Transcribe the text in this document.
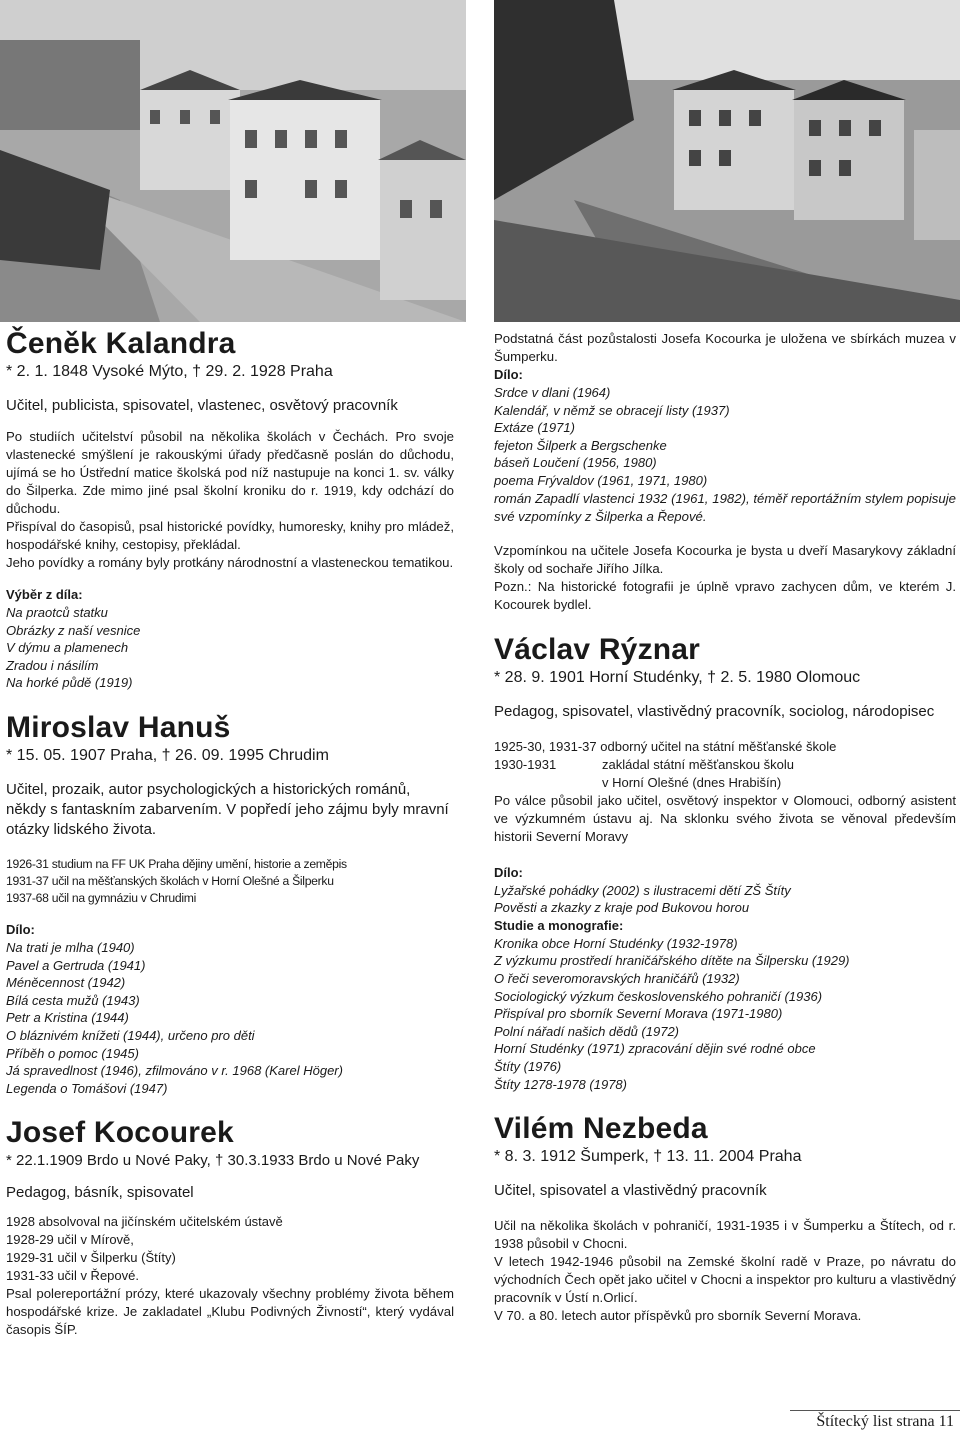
Čeněk Kalandra
* 2. 1. 1848 Vysoké Mýto, † 29. 2. 1928 Praha
Učitel, publicista, spisovatel, vlastenec, osvětový pracovník

Po studiích učitelství působil na několika školách v Čechách. Pro svoje vlastenecké smýšlení je rakouskými úřady předčasně poslán do důchodu, ujímá se ho Ústřední matice školská pod níž nastupuje na konci 1. sv. války do Šilperka. Zde mimo jiné psal školní kroniku do r. 1919, kdy odchází do důchodu.

Přispíval do časopisů, psal historické povídky, humoresky, knihy pro mládež, hospodářské knihy, cestopisy, překládal.

Jeho povídky a romány byly protkány národnostní a vlasteneckou tematikou.

Výběr z díla:
Na praotců statku
Obrázky z naší vesnice
V dýmu a plamenech
Zradou i násilím
Na horké půdě (1919)
Miroslav Hanuš
* 15. 05. 1907 Praha, † 26. 09. 1995 Chrudim
Učitel, prozaik, autor psychologických a historických románů, někdy s fantaskním zabarvením. V popředí jeho zájmu byly mravní otázky lidského života.
1926-31 studium na FF UK Praha dějiny umění, historie a zeměpis
1931-37 učil na měšťanských školách v Horní Olešné a Šilperku
1937-68 učil na gymnáziu v Chrudimi
Dílo:
Na trati je mlha (1940)
Pavel a Gertruda (1941)
Méněcennost (1942)
Bílá cesta mužů (1943)
Petr a Kristina (1944)
O bláznivém knížeti (1944), určeno pro děti
Příběh o pomoc (1945)
Já spravedlnost (1946), zfilmováno v r. 1968 (Karel Höger)
Legenda o Tomášovi (1947)
Josef Kocourek
* 22.1.1909 Brdo u Nové Paky, † 30.3.1933 Brdo u Nové Paky
Pedagog, básník, spisovatel
1928 absolvoval na jičínském učitelském ústavě
1928-29 učil v Mírově,
1929-31 učil v Šilperku (Štíty)
1931-33 učil v Řepové.

Psal polereportážní prózy, které ukazovaly všechny problémy života během hospodářské krize. Je zakladatel „Klubu Podivných Živností“, který vydával časopis ŠÍP.

Podstatná část pozůstalosti Josefa Kocourka je uložena ve sbírkách muzea v Šumperku.

Dílo:
Srdce v dlani (1964)
Kalendář, v němž se obracejí listy (1937)
Extáze (1971)
fejeton Šilperk a Bergschenke
báseň Loučení (1956, 1980)
poema Frývaldov (1961, 1971, 1980)

román Zapadlí vlastenci 1932 (1961, 1982), téměř reportážním stylem popisuje své vzpomínky z Šilperka a Řepové.

Vzpomínkou na učitele Josefa Kocourka je bysta u dveří Masarykovy základní školy od sochaře Jiřího Jílka.

Pozn.: Na historické fotografii je úplně vpravo zachycen dům, ve kterém J. Kocourek bydlel.

Václav Rýznar
* 28. 9. 1901 Horní Studénky, † 2. 5. 1980 Olomouc
Pedagog, spisovatel, vlastivědný pracovník, sociolog, národopisec
1925-30, 1931-37 odborný učitel na státní měšťanské škole
1930-1931	zakládal státní měšťanskou školu
v Horní Olešné (dnes Hrabišín)

Po válce působil jako učitel, osvětový inspektor v Olomouci, odborný asistent ve výzkumném ústavu aj. Na sklonku svého života se věnoval především historii Severní Moravy

Dílo:
Lyžařské pohádky (2002) s ilustracemi dětí ZŠ Štíty
Pověsti a zkazky z kraje pod Bukovou horou
Studie a monografie:
Kronika obce Horní Studénky (1932-1978)
Z výzkumu prostředí hraničářského dítěte na Šilpersku (1929)
O řeči severomoravských hraničářů (1932)
Sociologický výzkum československého pohraničí (1936)
Přispíval pro sborník Severní Morava (1971-1980)
Polní nářadí našich dědů (1972)
Horní Studénky (1971) zpracování dějin své rodné obce
Štíty (1976)
Štíty 1278-1978 (1978)
Vilém Nezbeda
* 8. 3. 1912 Šumperk, † 13. 11. 2004 Praha
Učitel, spisovatel a vlastivědný pracovník

Učil na několika školách v pohraničí, 1931-1935 i v Šumperku a Štítech, od r. 1938 působil v Chocni.

V letech 1942-1946 působil na Zemské školní radě v Praze, po návratu do východních Čech opět jako učitel v Chocni a inspektor pro kulturu a vlastivědný pracovník v Ústí n.Orlicí.

V 70. a 80. letech autor příspěvků pro sborník Severní Morava.

Štítecký list strana 11
